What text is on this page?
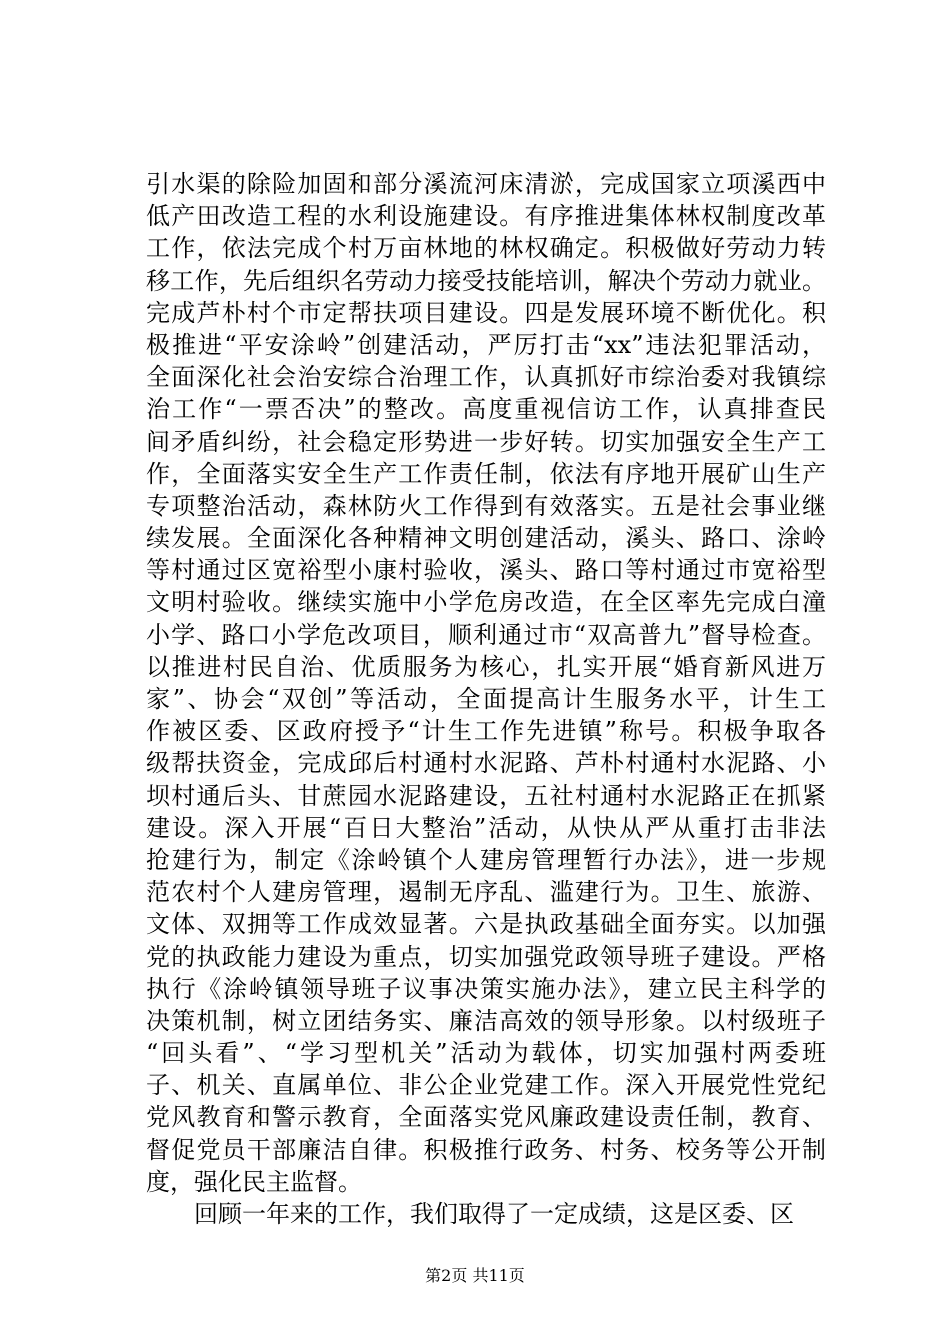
引水渠的除险加固和部分溪流河床清淤，完成国家立项溪西中
低产田改造工程的水利设施建设。有序推进集体林权制度改革
工作，依法完成个村万亩林地的林权确定。积极做好劳动力转
移工作，先后组织名劳动力接受技能培训，解决个劳动力就业。
完成芦朴村个市定帮扶项目建设。四是发展环境不断优化。积
极推进“平安涂岭”创建活动，严厉打击“xx”违法犯罪活动，
全面深化社会治安综合治理工作，认真抓好市综治委对我镇综
治工作“一票否决”的整改。高度重视信访工作，认真排查民
间矛盾纠纷，社会稳定形势进一步好转。切实加强安全生产工
作，全面落实安全生产工作责任制，依法有序地开展矿山生产
专项整治活动，森林防火工作得到有效落实。五是社会事业继
续发展。全面深化各种精神文明创建活动，溪头、路口、涂岭
等村通过区宽裕型小康村验收，溪头、路口等村通过市宽裕型
文明村验收。继续实施中小学危房改造，在全区率先完成白潼
小学、路口小学危改项目，顺利通过市“双高普九”督导检查。
以推进村民自治、优质服务为核心，扎实开展“婚育新风进万
家”、协会“双创”等活动，全面提高计生服务水平，计生工
作被区委、区政府授予“计生工作先进镇”称号。积极争取各
级帮扶资金，完成邱后村通村水泥路、芦朴村通村水泥路、小
坝村通后头、甘蔗园水泥路建设，五社村通村水泥路正在抓紧
建设。深入开展“百日大整治”活动，从快从严从重打击非法
抢建行为，制定《涂岭镇个人建房管理暂行办法》，进一步规
范农村个人建房管理，遏制无序乱、滥建行为。卫生、旅游、
文体、双拥等工作成效显著。六是执政基础全面夯实。以加强
党的执政能力建设为重点，切实加强党政领导班子建设。严格
执行《涂岭镇领导班子议事决策实施办法》，建立民主科学的
决策机制，树立团结务实、廉洁高效的领导形象。以村级班子
“回头看”、“学习型机关”活动为载体，切实加强村两委班
子、机关、直属单位、非公企业党建工作。深入开展党性党纪
党风教育和警示教育，全面落实党风廉政建设责任制，教育、
督促党员干部廉洁自律。积极推行政务、村务、校务等公开制
度，强化民主监督。
回顾一年来的工作，我们取得了一定成绩，这是区委、区
第2页 共11页
